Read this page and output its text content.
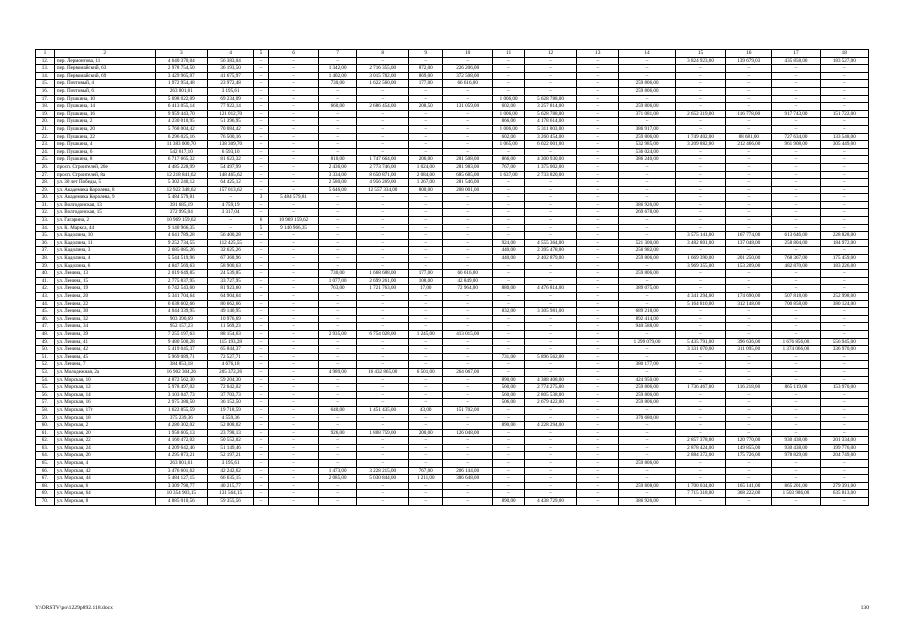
1	2	3	4	5	6	7	8	9	10	11	12	13	14	15	16	17	18
12.	пер. Лермонтова, 11	4 640 370,04	56 383,04	–	–	–	–	–	–	–	–	–	–	3 824 923,00	139 679,03	435 858,00	183 527,00
13.	пер. Первомайский, 63	2 978 754,50	36 193,50	–	–	1 342,00	2 716 355,00	872,00	226 206,00	–	–	–	–	–	–	–	–
14.	пер. Первомайский, 69	3 429 965,97	41 675,97	–	–	1 402,00	3 015 782,00	869,00	372 508,00	–	–	–	–	–	–	–	–
15.	пер. Почтовый, 4	1 972 954,48	23 972,48	–	–	730,00	1 622 560,00	177,00	66 616,00	–	–	–	259 806,00	–	–	–	–
16.	пер. Почтовый, 6	263 001,61	3 195,61	–	–	–	–	–	–	–	–	–	259 806,00	–	–	–	–
17.	пер. Пушкина, 10	5 698 022,09	69 234,09	–	–	–	–	–	–	1 006,00	5 628 788,00	–	–	–	–	–	–
18.	пер. Пушкина, 14	6 413 055,14	77 922,14	–	–	660,00	2 686 454,00	208,50	131 059,00	602,00	3 257 814,00	–	259 806,00	–	–	–	–
19.	пер. Пушкина, 16	9 959 443,70	121 012,70	–	–	–	–	–	–	1 006,00	5 628 788,00	–	371 081,00	2 652 319,00	116 778,00	917 743,00	151 722,00
20.	пер. Пушкина, 2	4 230 010,95	51 396,95	–	–	–	–	–	–	866,00	4 178 614,00	–	–	–	–	–	–
21.	пер. Пушкина, 20	5 768 004,42	70 084,42	–	–	–	–	–	–	1 006,00	5 311 003,00	–	386 917,00	–	–	–	–
22.	пер. Пушкина, 22	6 296 025,16	76 500,16	–	–	–	–	–	–	602,00	3 260 454,00	–	259 806,00	1 749 402,00	88 681,00	727 634,00	133 548,00
23.	пер. Пушкина, 4	11 383 000,70	138 309,70	–	–	–	–	–	–	1 065,00	6 022 001,00	–	532 985,00	3 209 882,00	212 466,00	961 908,00	305 449,00
24.	пер. Пушкина, 6	542 617,10	6 593,10	–	–	–	–	–	–	–	–	–	536 024,00	–	–	–	–
25.	пер. Пушкина, 8	6 717 665,32	81 623,32	–	–	810,00	1 747 664,00	206,00	201 508,00	866,00	4 300 930,00	–	386 240,00	–	–	–	–
26.	просп. Строителей, 20е	4 485 228,99	54 497,99	–	–	2 436,00	2 773 746,00	1 024,00	281 983,00	767,00	1 375 002,00	–	–	–	–	–	–
27.	просп. Строителей, 8а	12 218 841,62	148 465,62	–	–	3 334,00	8 650 871,00	2 084,00	685 685,00	1 637,00	2 733 820,00	–	–	–	–	–	–
28.	ул. 30 лет Победы, 5	5 302 240,12	64 425,12	–	–	2 580,00	4 956 269,00	1 267,00	281 546,00	–	–	–	–	–	–	–	–
29.	ул. Академика Королева, 8	12 922 348,62	157 013,62	–	–	5 646,00	12 557 334,00	800,00	208 001,00	–	–	–	–	–	–	–	–
30.	ул. Академика Королева, 9	5 484 579,81	–	3	5 484 579,81	–	–	–	–	–	–	–	–	–	–	–	–
31.	ул. Волгодонская, 13	391 685,19	4 759,19	–	–	–	–	–	–	–	–	–	386 926,00	–	–	–	–
32.	ул. Волгодонская, 15	272 995,04	3 317,04	–	–	–	–	–	–	–	–	–	269 678,00	–	–	–	–
33.	ул. Гагарина, 2	10 969 159,62	–	6	10 969 159,62	–	–	–	–	–	–	–	–	–	–	–	–
34.	ул. К. Маркса, 44	9 140 966,35	–	5	9 140 966,35	–	–	–	–	–	–	–	–	–	–	–	–
35.	ул. Кадолина, 10	4 641 789,28	56 400,28	–	–	–	–	–	–	–	–	–	–	3 575 141,00	167 774,00	613 646,00	228 828,00
36.	ул. Кадолина, 11	9 252 734,55	112 425,55	–	–	–	–	–	–	924,00	4 555 364,00	–	521 300,00	3 482 801,00	137 048,00	258 804,00	184 972,00
37.	ул. Кадолина, 3	2 685 085,26	32 625,26	–	–	–	–	–	–	440,00	2 395 478,00	–	256 982,00	–	–	–	–
38.	ул. Кадолина, 4	5 544 519,96	67 368,96	–	–	–	–	–	–	440,00	2 402 879,00	–	259 806,00	1 669 390,00	201 250,00	768 367,00	175 459,00
39.	ул. Кадолина, 6	4 847 569,63	58 900,63	–	–	–	–	–	–	–	–	–	–	3 969 355,00	153 209,00	482 870,00	183 226,00
40.	ул. Ленина, 13	2 019 649,85	24 539,85	–	–	730,00	1 668 688,00	177,00	66 616,00	–	–	–	259 806,00	–	–	–	–
41.	ул. Ленина, 15	2 775 837,95	33 727,95	–	–	1 077,00	2 699 261,00	108,00	42 849,00	–	–	–	–	–	–	–	–
42.	ул. Ленина, 19	6 742 543,60	81 923,60	–	–	763,00	1 721 763,00	17,00	72 964,00	880,00	4 476 814,00	–	389 075,00	–	–	–	–
43.	ул. Ленина, 20	5 341 704,64	64 904,64	–	–	–	–	–	–	–	–	–	–	4 341 294,00	174 690,00	507 818,00	252 998,00
44.	ул. Ленина, 22	6 638 602,66	80 662,66	–	–	–	–	–	–	–	–	–	–	5 164 810,00	312 148,00	700 858,00	380 124,00
45.	ул. Ленина, 30	4 044 339,95	49 140,95	–	–	–	–	–	–	832,00	3 305 981,00	–	689 218,00	–	–	–	–
46.	ул. Ленина, 32	903 390,69	10 976,69	–	–	–	–	–	–	–	–	–	892 414,00	–	–	–	–
47.	ул. Ленина, 34	952 157,23	11 569,23	–	–	–	–	–	–	–	–	–	940 588,00	–	–	–	–
48.	ул. Ленина, 39	7 255 197,63	88 154,63	–	–	2 935,00	6 754 028,00	1 245,00	413 015,00	–	–	–	–	–	–	–	–
49.	ул. Ленина, 41	9 480 500,28	115 193,28	–	–	–	–	–	–	–	–	–	1 299 079,00	5 435 791,00	396 636,00	1 676 856,00	556 945,00
50.	ул. Ленина, 42	5 419 045,37	65 844,37	–	–	–	–	–	–	–	–	–	–	3 331 070,00	311 095,00	1 374 066,00	336 970,00
51.	ул. Ленина, 45	5 969 089,71	72 527,71	–	–	–	–	–	–	731,00	5 896 562,00	–	–	–	–	–	–
52.	ул. Ленина, 7	384 853,18	4 676,18	–	–	–	–	–	–	–	–	–	380 177,00	–	–	–	–
53.	ул. Молодежная, 2а	16 902 304,26	205 372,26	–	–	4 989,00	16 432 865,00	6 501,00	264 067,00	–	–	–	–	–	–	–	–
54.	ул. Морская, 10	4 872 562,30	59 204,30	–	–	–	–	–	–	890,00	4 388 408,00	–	424 950,00	–	–	–	–
55.	ул. Морская, 12	5 978 497,02	72 642,02	–	–	–	–	–	–	560,00	2 774 275,00	–	259 806,00	1 736 467,00	116 218,00	865 119,00	153 970,00
56.	ул. Морская, 14	3 103 047,73	37 703,73	–	–	–	–	–	–	560,00	2 805 538,00	–	259 806,00	–	–	–	–
57.	ул. Морская, 16	2 975 380,50	36 152,50	–	–	–	–	–	–	506,00	2 679 422,00	–	259 806,00	–	–	–	–
58.	ул. Морская, 17г	1 622 855,59	19 718,59	–	–	640,00	1 451 435,00	43,00	151 702,00	–	–	–	–	–	–	–	–
59.	ул. Морская, 18	375 239,36	4 559,36	–	–	–	–	–	–	–	–	–	370 680,00	–	–	–	–
60.	ул. Морская, 2	4 280 302,02	52 008,02	–	–	–	–	–	–	890,00	4 228 294,00	–	–	–	–	–	–
61.	ул. Морская, 20	1 958 605,13	23 798,13	–	–	926,00	1 808 759,00	200,00	126 048,00	–	–	–	–	–	–	–	–
62.	ул. Морская, 22	4 160 472,02	50 552,02	–	–	–	–	–	–	–	–	–	–	2 857 378,00	120 770,00	930 438,00	201 334,00
63.	ул. Морская, 24	4 209 642,46	51 149,46	–	–	–	–	–	–	–	–	–	–	2 878 424,00	149 855,00	930 438,00	199 776,00
64.	ул. Морская, 26	4 295 873,21	52 197,21	–	–	–	–	–	–	–	–	–	–	2 884 372,00	175 726,00	978 829,00	204 749,00
65.	ул. Морская, 4	263 001,61	3 195,61	–	–	–	–	–	–	–	–	–	259 806,00	–	–	–	–
66.	ул. Морская, 42	3 476 601,62	42 242,62	–	–	1 473,00	3 228 215,00	767,00	206 144,00	–	–	–	–	–	–	–	–
67.	ул. Морская, 44	5 484 127,15	66 635,15	–	–	2 085,00	5 030 844,00	1 211,00	386 648,00	–	–	–	–	–	–	–	–
68.	ул. Морская, 6	3 309 790,77	40 215,77	–	–	–	–	–	–	–	–	–	259 808,00	1 700 034,00	165 141,00	865 201,00	279 391,00
69.	ул. Морская, 64	10 354 903,15	131 564,15	–	–	–	–	–	–	–	–	–	–	7 715 318,00	368 222,00	1 503 986,00	635 813,00
70.	ул. Морская, 8	4 885 010,56	59 355,56	–	–	–	–	–	–	890,00	4 438 729,00	–	386 926,00	–	–	–	–
Y:\ORSTV\po\1229p892.118.docx	130
